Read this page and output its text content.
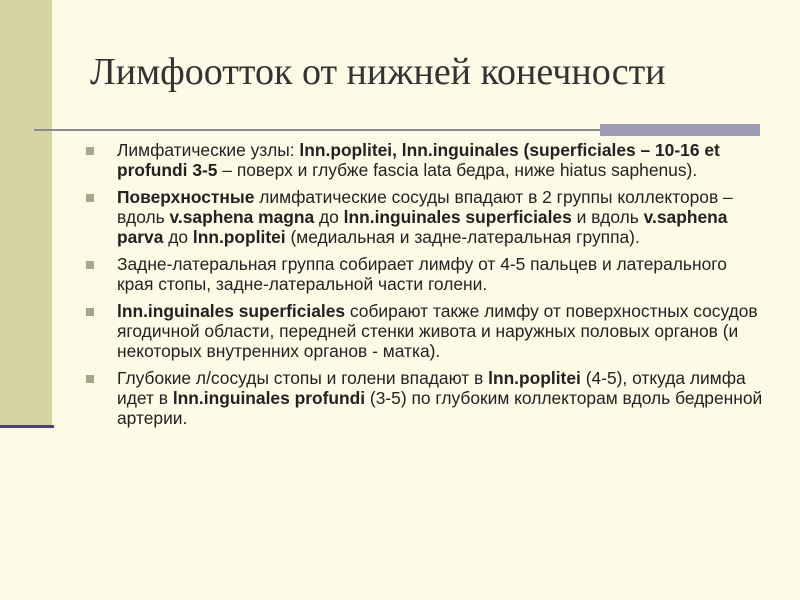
Лимфоотток от нижней конечности
Лимфатические узлы: lnn.poplitei, lnn.inguinales (superficiales – 10-16 et profundi 3-5 – поверх и глубже fascia lata бедра, ниже hiatus saphenus).
Поверхностные лимфатические сосуды впадают в 2 группы коллекторов – вдоль v.saphena magna до lnn.inguinales superficiales и вдоль v.saphena parva до lnn.poplitei (медиальная и задне-латеральная группа).
Задне-латеральная группа собирает лимфу от 4-5 пальцев и латерального края стопы, задне-латеральной части голени.
lnn.inguinales superficiales собирают также лимфу от поверхностных сосудов ягодичной области, передней стенки живота и наружных половых органов (и некоторых внутренних органов - матка).
Глубокие л/сосуды стопы и голени впадают в lnn.poplitei (4-5), откуда лимфа идет в lnn.inguinales profundi (3-5) по глубоким коллекторам вдоль бедренной артерии.
